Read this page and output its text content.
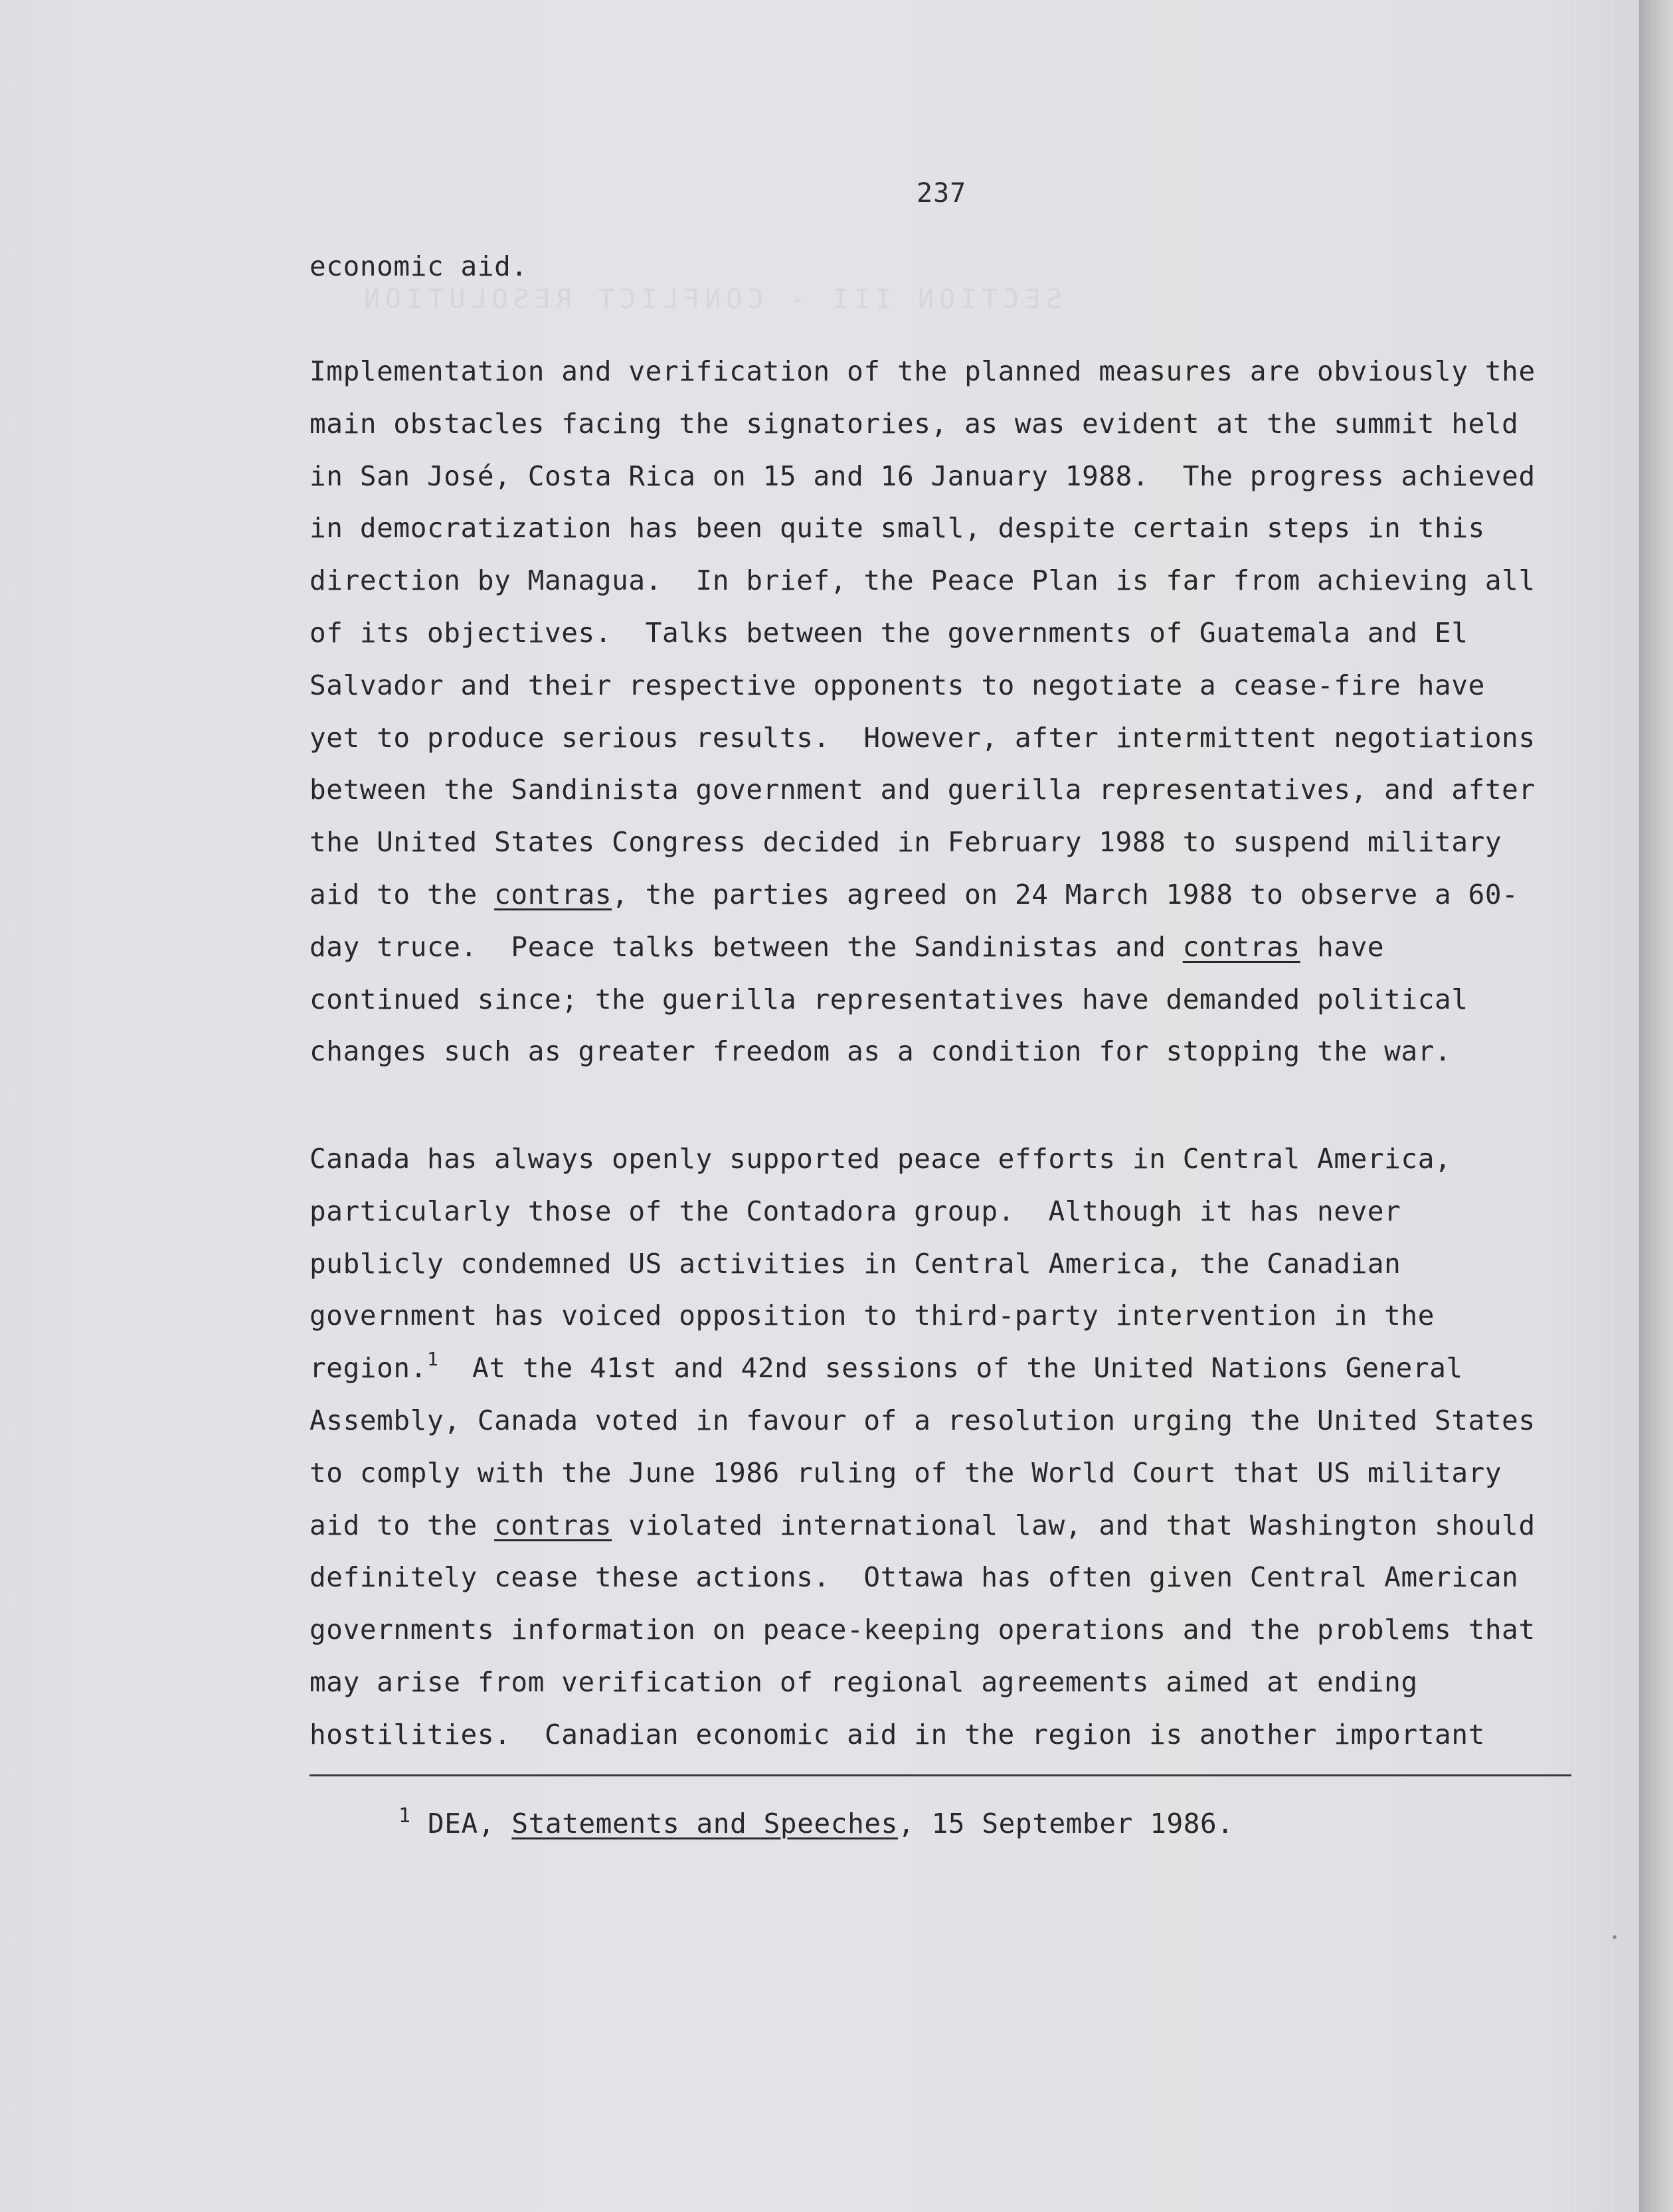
SECTION III - CONFLICT RESOLUTION
237
economic aid.
Implementation and verification of the planned measures are obviously the
main obstacles facing the signatories, as was evident at the summit held
in San José, Costa Rica on 15 and 16 January 1988.  The progress achieved
in democratization has been quite small, despite certain steps in this
direction by Managua.  In brief, the Peace Plan is far from achieving all
of its objectives.  Talks between the governments of Guatemala and El
Salvador and their respective opponents to negotiate a cease-fire have
yet to produce serious results.  However, after intermittent negotiations
between the Sandinista government and guerilla representatives, and after
the United States Congress decided in February 1988 to suspend military
aid to the contras, the parties agreed on 24 March 1988 to observe a 60-
day truce.  Peace talks between the Sandinistas and contras have
continued since; the guerilla representatives have demanded political
changes such as greater freedom as a condition for stopping the war.
Canada has always openly supported peace efforts in Central America,
particularly those of the Contadora group.  Although it has never
publicly condemned US activities in Central America, the Canadian
government has voiced opposition to third-party intervention in the
region.$^1$  At the 41st and 42nd sessions of the United Nations General
Assembly, Canada voted in favour of a resolution urging the United States
to comply with the June 1986 ruling of the World Court that US military
aid to the contras violated international law, and that Washington should
definitely cease these actions.  Ottawa has often given Central American
governments information on peace-keeping operations and the problems that
may arise from verification of regional agreements aimed at ending
hostilities.  Canadian economic aid in the region is another important
$^1$ DEA, Statements and Speeches, 15 September 1986.
